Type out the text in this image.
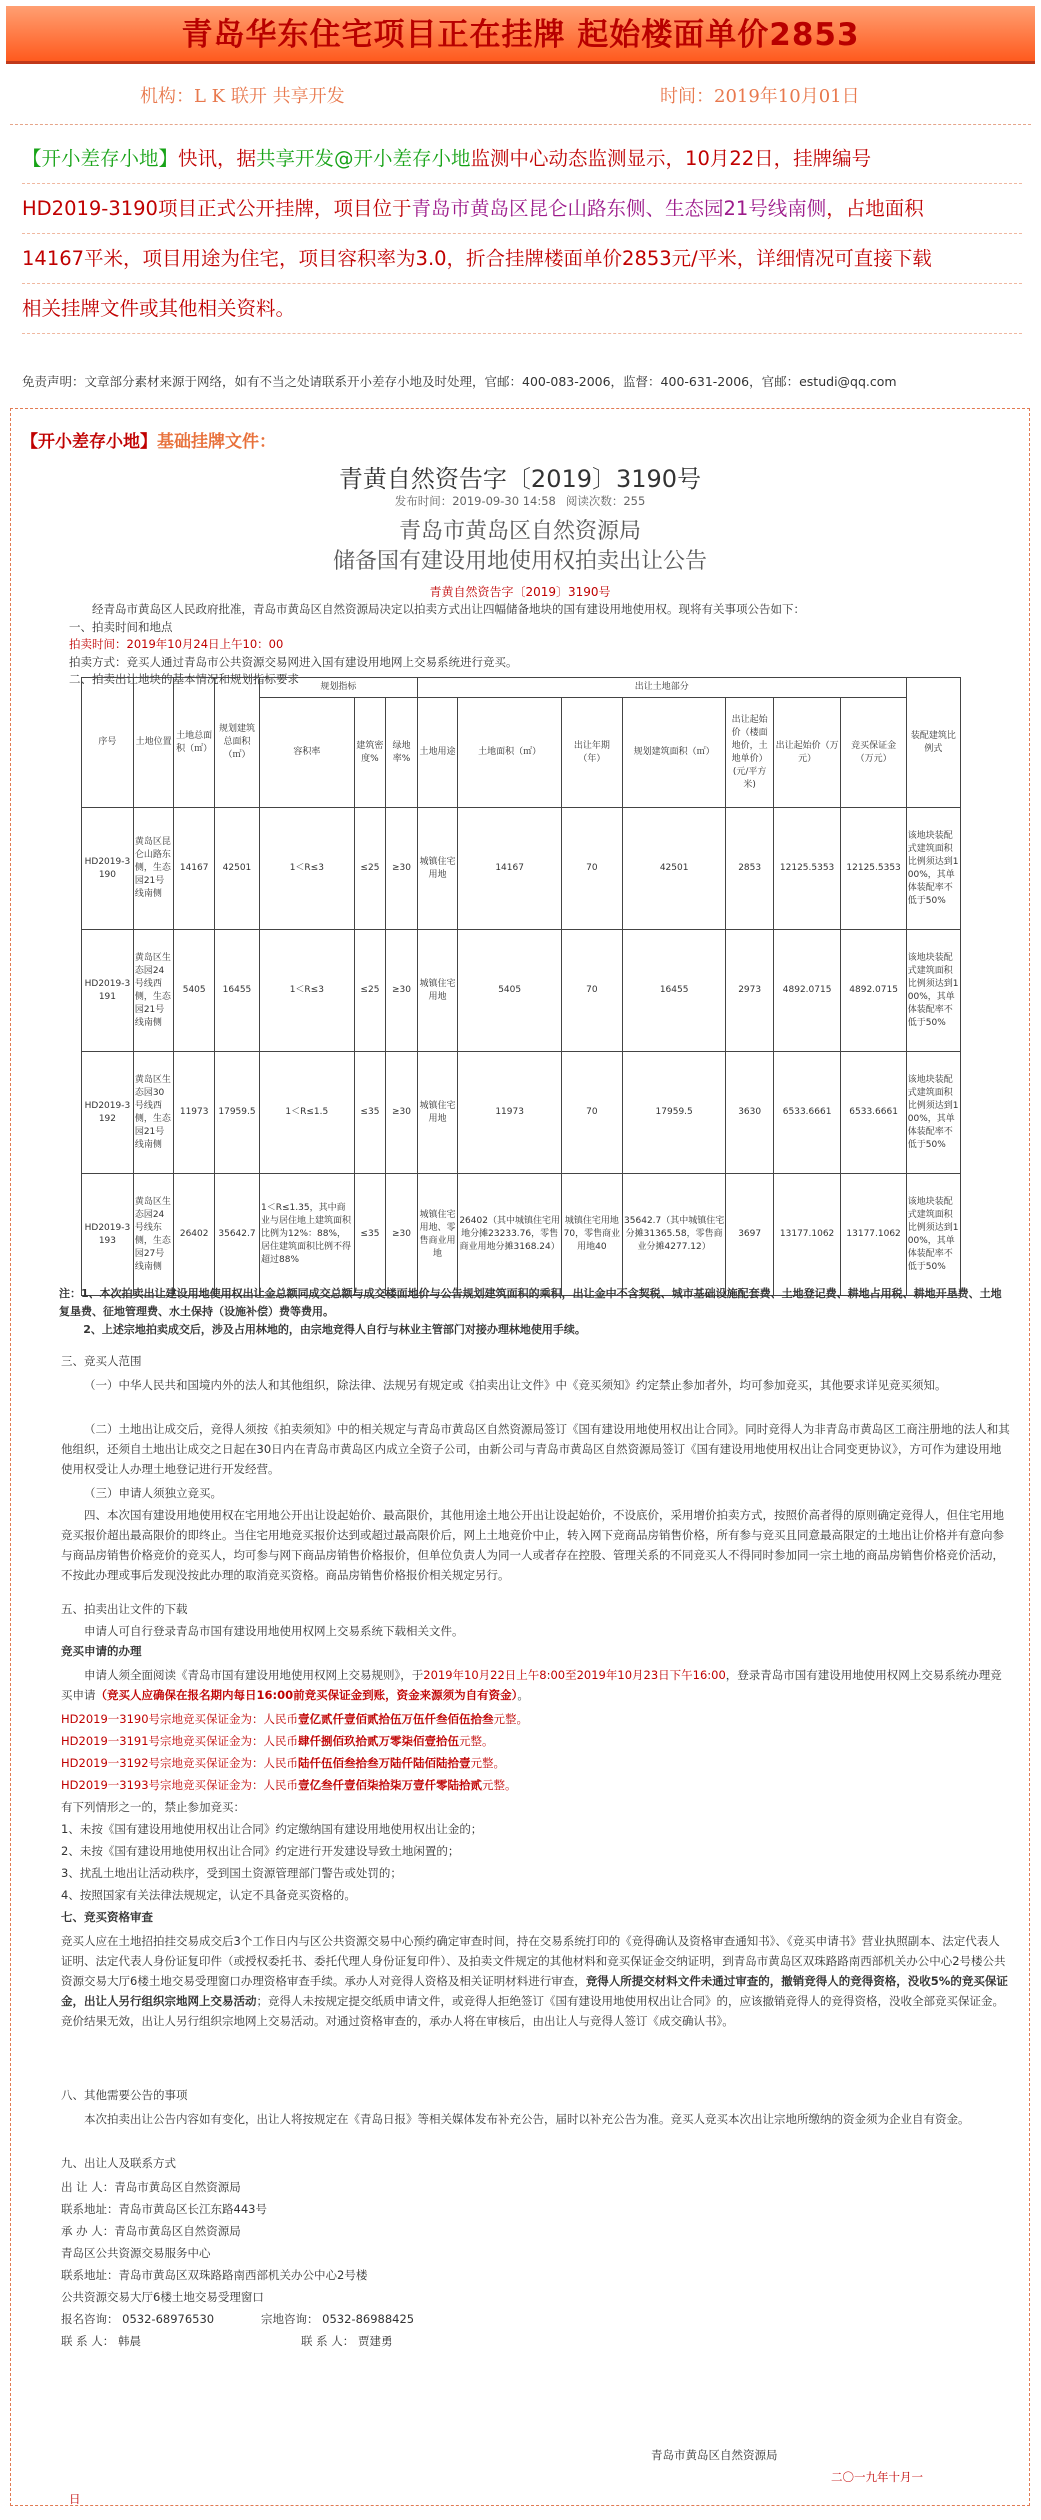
青岛华东住宅项目正在挂牌 起始楼面单价2853
机构：L K 联开 共享开发	时间：2019年10月01日
【开小差存小地】快讯，据共享开发@开小差存小地监测中心动态监测显示，10月22日，挂牌编号
HD2019-3190项目正式公开挂牌，项目位于青岛市黄岛区昆仑山路东侧、生态园21号线南侧，占地面积
14167平米，项目用途为住宅，项目容积率为3.0，折合挂牌楼面单价2853元/平米，详细情况可直接下载
相关挂牌文件或其他相关资料。
免责声明：文章部分素材来源于网络，如有不当之处请联系开小差存小地及时处理，官邮：400-083-2006，监督：400-631-2006，官邮：estudi@qq.com
【开小差存小地】基础挂牌文件：
青黄自然资告字〔2019〕3190号
发布时间：2019-09-30 14:58 阅读次数：255
青岛市黄岛区自然资源局
储备国有建设用地使用权拍卖出让公告
青黄自然资告字〔2019〕3190号
经青岛市黄岛区人民政府批准，青岛市黄岛区自然资源局决定以拍卖方式出让四幅储备地块的国有建设用地使用权。现将有关事项公告如下：
一、拍卖时间和地点
拍卖时间：2019年10月24日上午10：00
拍卖方式：竞买人通过青岛市公共资源交易网进入国有建设用地网上交易系统进行竞买。
二、拍卖出让地块的基本情况和规划指标要求
序号	土地位置	土地总面积（㎡）	规划建筑总面积（㎡）	规划指标			出让土地部分							装配建筑比例式
				容积率	建筑密度%	绿地率%	土地用途	土地面积（㎡）	出让年期（年）	规划建筑面积（㎡）	出让起始价（楼面地价，土地单价）(元/平方米)	出让起始价（万元）	竞买保证金（万元）	
HD2019-3190	黄岛区昆仑山路东侧，生态园21号线南侧	14167	42501	1＜R≤3	≤25	≥30	城镇住宅用地	14167	70	42501	2853	12125.5353	12125.5353	该地块装配式建筑面积比例须达到100%，其单体装配率不低于50%
HD2019-3191	黄岛区生态园24号线西侧，生态园21号线南侧	5405	16455	1＜R≤3	≤25	≥30	城镇住宅用地	5405	70	16455	2973	4892.0715	4892.0715	该地块装配式建筑面积比例须达到100%，其单体装配率不低于50%
HD2019-3192	黄岛区生态园30号线西侧，生态园21号线南侧	11973	17959.5	1＜R≤1.5	≤35	≥30	城镇住宅用地	11973	70	17959.5	3630	6533.6661	6533.6661	该地块装配式建筑面积比例须达到100%，其单体装配率不低于50%
HD2019-3193	黄岛区生态园24号线东侧，生态园27号线南侧	26402	35642.7	1＜R≤1.35，其中商业与居住地上建筑面积比例为12%：88%，居住建筑面积比例不得超过88%	≤35	≥30	城镇住宅用地、零售商业用地	26402（其中城镇住宅用地分摊23233.76，零售商业用地分摊3168.24）	城镇住宅用地70，零售商业用地40	35642.7（其中城镇住宅分摊31365.58，零售商业分摊4277.12）	3697	13177.1062	13177.1062	该地块装配式建筑面积比例须达到100%，其单体装配率不低于50%
注：1、本次拍卖出让建设用地使用权出让金总额同成交总额与成交楼面地价与公告规划建筑面积的乘积，出让金中不含契税、城市基础设施配套费、土地登记费、耕地占用税、耕地开垦费、土地复垦费、征地管理费、水土保持（设施补偿）费等费用。
2、上述宗地拍卖成交后，涉及占用林地的，由宗地竞得人自行与林业主管部门对接办理林地使用手续。
三、竞买人范围
（一）中华人民共和国境内外的法人和其他组织，除法律、法规另有规定或《拍卖出让文件》中《竞买须知》约定禁止参加者外，均可参加竞买，其他要求详见竞买须知。
（二）土地出让成交后，竞得人须按《拍卖须知》中的相关规定与青岛市黄岛区自然资源局签订《国有建设用地使用权出让合同》。同时竞得人为非青岛市黄岛区工商注册地的法人和其他组织，还须自土地出让成交之日起在30日内在青岛市黄岛区内成立全资子公司，由新公司与青岛市黄岛区自然资源局签订《国有建设用地使用权出让合同变更协议》，方可作为建设用地使用权受让人办理土地登记进行开发经营。
（三）申请人须独立竞买。
四、本次国有建设用地使用权在宅用地公开出让设起始价、最高限价，其他用途土地公开出让设起始价，不设底价，采用增价拍卖方式，按照价高者得的原则确定竞得人，但住宅用地竞买报价超出最高限价的即终止。当住宅用地竞买报价达到或超过最高限价后，网上土地竞价中止，转入网下竞商品房销售价格，所有参与竞买且同意最高限定的土地出让价格并有意向参与商品房销售价格竞价的竞买人，均可参与网下商品房销售价格报价，但单位负责人为同一人或者存在控股、管理关系的不同竞买人不得同时参加同一宗土地的商品房销售价格竞价活动，不按此办理或事后发现没按此办理的取消竞买资格。商品房销售价格报价相关规定另行。
五、拍卖出让文件的下载
申请人可自行登录青岛市国有建设用地使用权网上交易系统下载相关文件。
竞买申请的办理
申请人须全面阅读《青岛市国有建设用地使用权网上交易规则》，于2019年10月22日上午8:00至2019年10月23日下午16:00，登录青岛市国有建设用地使用权网上交易系统办理竞买申请（竞买人应确保在报名期内每日16:00前竞买保证金到账，资金来源须为自有资金）。
HD2019一3190号宗地竞买保证金为：人民币壹亿贰仟壹佰贰拾伍万伍仟叁佰伍拾叁元整。
HD2019一3191号宗地竞买保证金为：人民币肆仟捌佰玖拾贰万零柒佰壹拾伍元整。
HD2019一3192号宗地竞买保证金为：人民币陆仟伍佰叁拾叁万陆仟陆佰陆拾壹元整。
HD2019一3193号宗地竞买保证金为：人民币壹亿叁仟壹佰柒拾柒万壹仟零陆拾贰元整。
有下列情形之一的，禁止参加竞买：
1、未按《国有建设用地使用权出让合同》约定缴纳国有建设用地使用权出让金的；
2、未按《国有建设用地使用权出让合同》约定进行开发建设导致土地闲置的；
3、扰乱土地出让活动秩序，受到国土资源管理部门警告或处罚的；
4、按照国家有关法律法规规定，认定不具备竞买资格的。
七、竞买资格审查
竞买人应在土地招拍挂交易成交后3个工作日内与区公共资源交易中心预约确定审查时间，持在交易系统打印的《竞得确认及资格审查通知书》、《竞买申请书》营业执照副本、法定代表人证明、法定代表人身份证复印件（或授权委托书、委托代理人身份证复印件）、及拍卖文件规定的其他材料和竞买保证金交纳证明，到青岛市黄岛区双珠路路南西部机关办公中心2号楼公共资源交易大厅6楼土地交易受理窗口办理资格审查手续。承办人对竞得人资格及相关证明材料进行审查，竞得人所提交材料文件未通过审查的，撤销竞得人的竞得资格，没收5%的竞买保证金，出让人另行组织宗地网上交易活动；竞得人未按规定提交纸质申请文件，或竞得人拒绝签订《国有建设用地使用权出让合同》的，应该撤销竞得人的竞得资格，没收全部竞买保证金。竞价结果无效，出让人另行组织宗地网上交易活动。对通过资格审查的，承办人将在审核后，由出让人与竞得人签订《成交确认书》。
八、其他需要公告的事项
本次拍卖出让公告内容如有变化，出让人将按规定在《青岛日报》等相关媒体发布补充公告，届时以补充公告为准。竞买人竞买本次出让宗地所缴纳的资金须为企业自有资金。
九、出让人及联系方式
出 让 人：青岛市黄岛区自然资源局
联系地址：青岛市黄岛区长江东路443号
承 办 人：青岛市黄岛区自然资源局
青岛区公共资源交易服务中心
联系地址：青岛市黄岛区双珠路路南西部机关办公中心2号楼
公共资源交易大厅6楼土地交易受理窗口
报名咨询： 0532-68976530	宗地咨询： 0532-86988425
联 系 人： 韩晨	联 系 人： 贾建勇
青岛市黄岛区自然资源局
二〇一九年十月一
日
